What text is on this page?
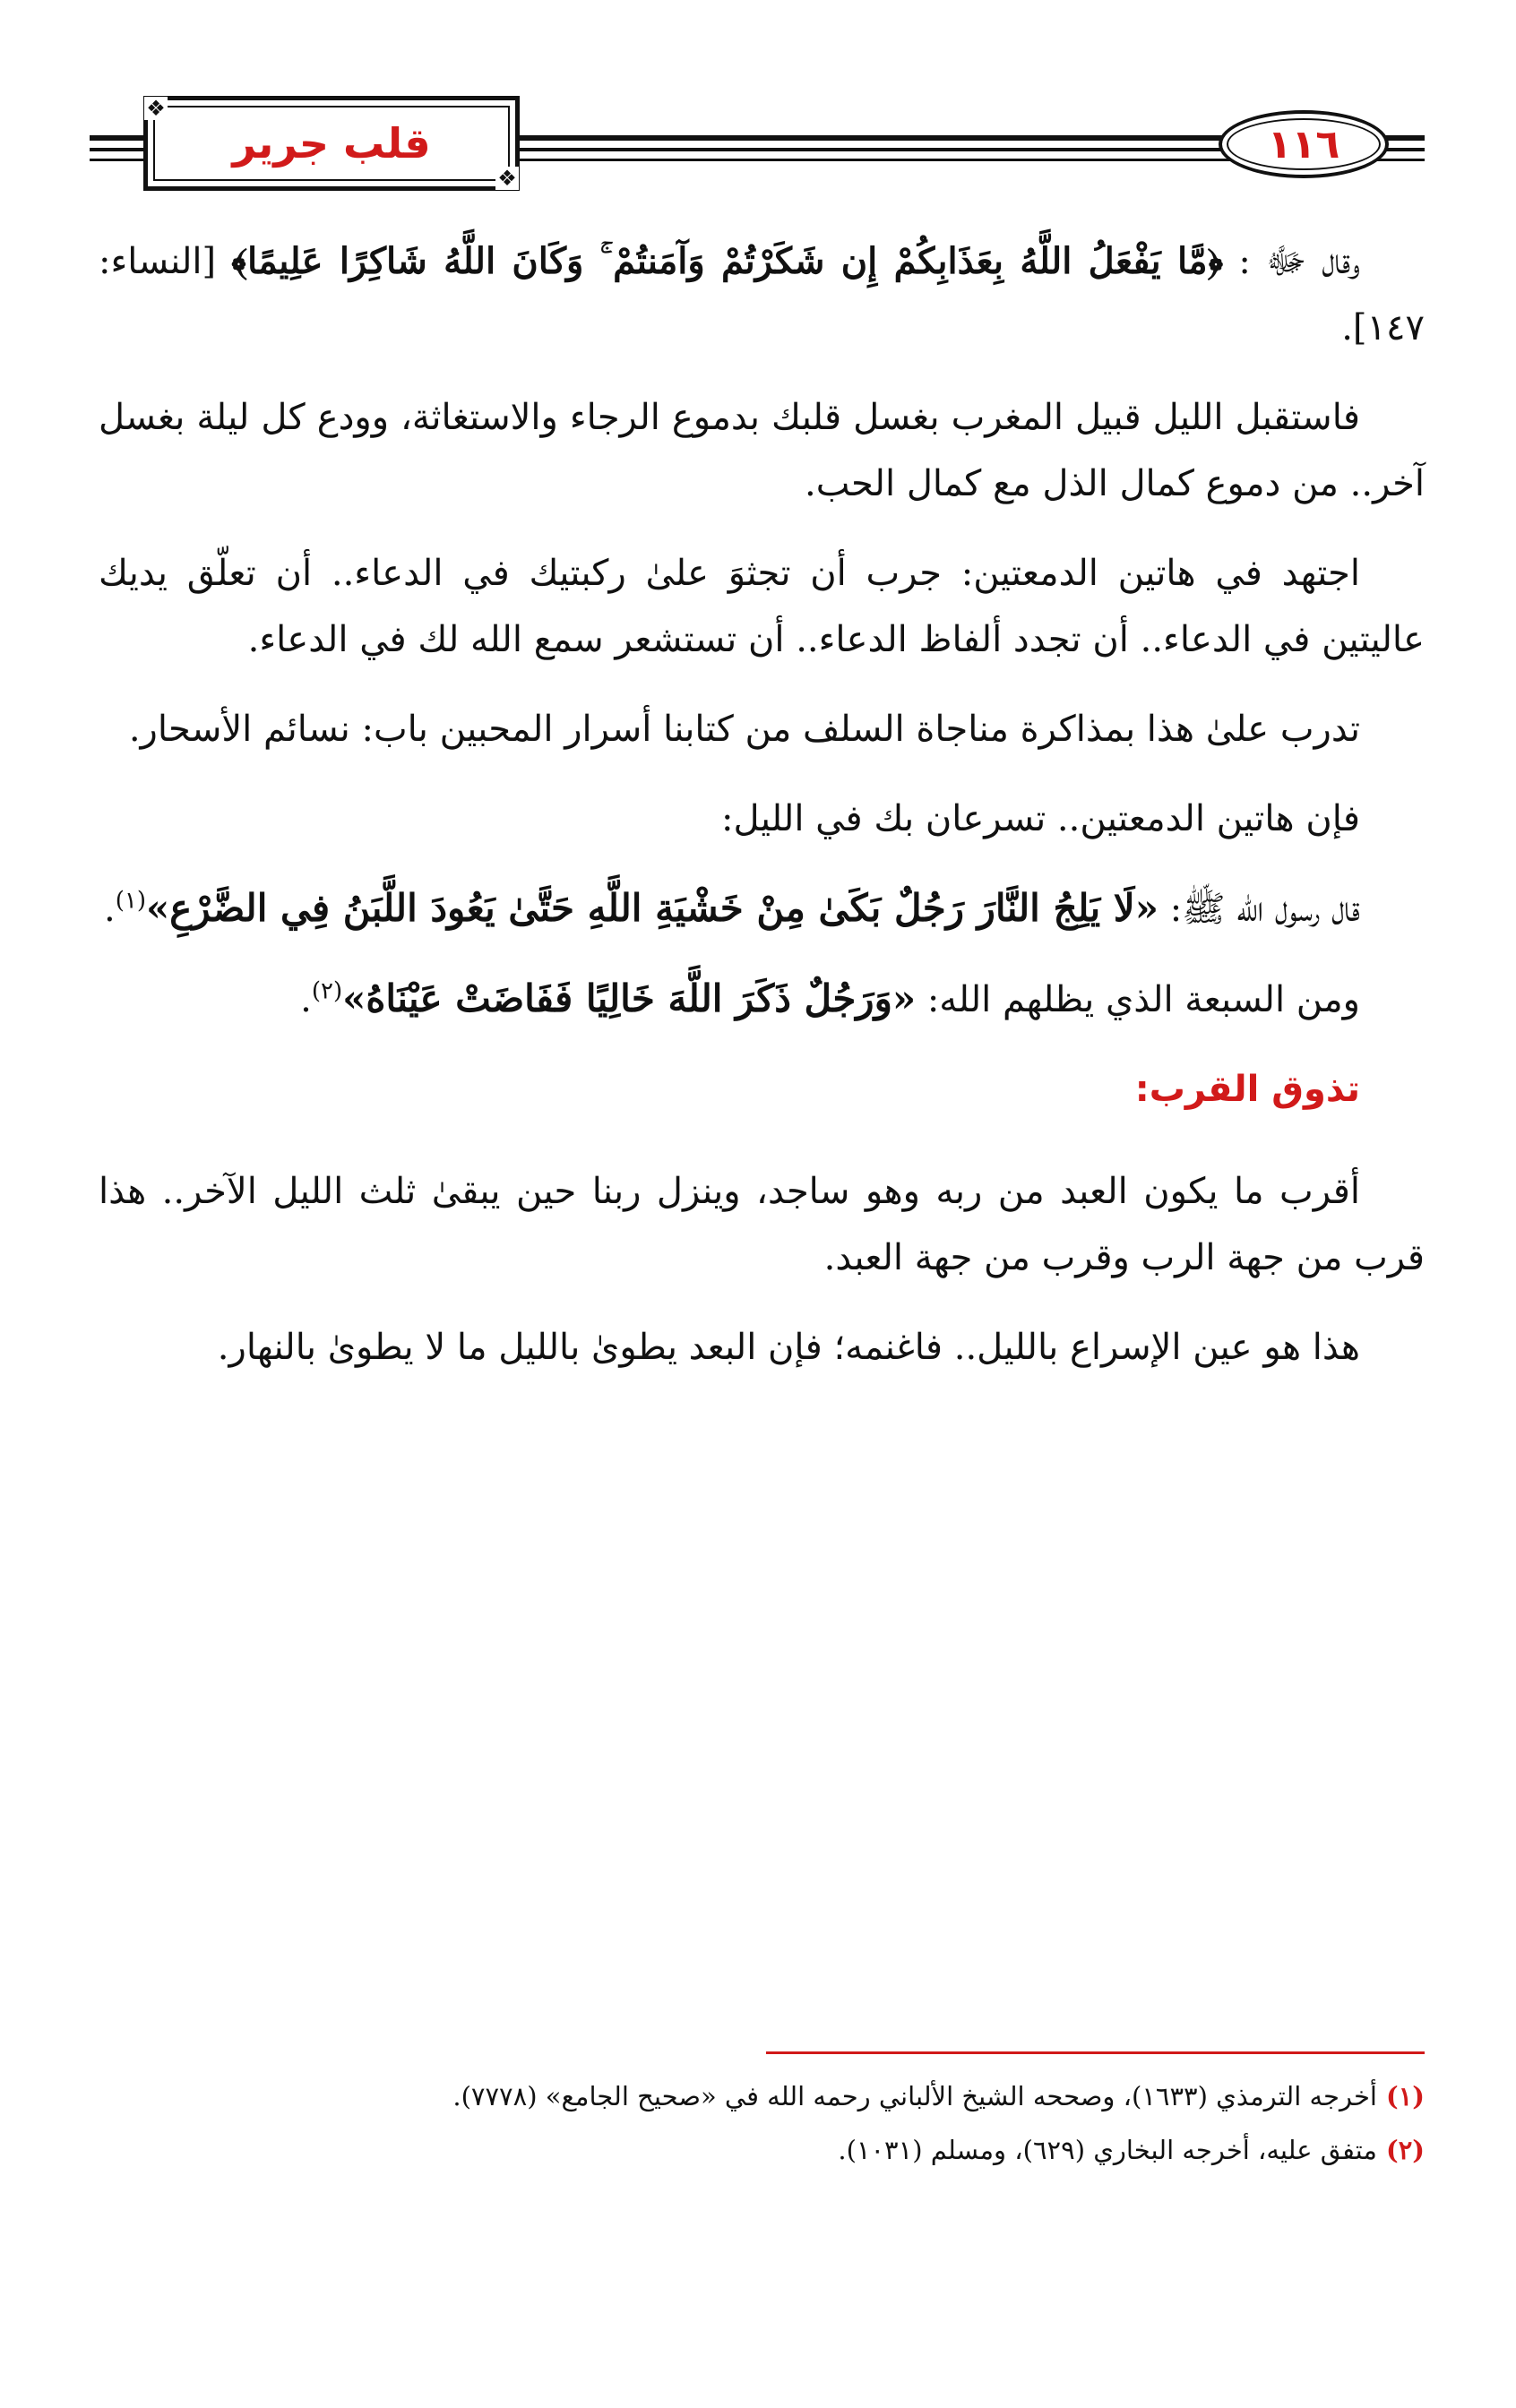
❖
❖
قلب جرير	١١٦

وقال ﷻ : ﴿مَّا يَفْعَلُ اللَّهُ بِعَذَابِكُمْ إِن شَكَرْتُمْ وَآمَنتُمْ ۚ وَكَانَ اللَّهُ شَاكِرًا عَلِيمًا﴾ [النساء: ١٤٧].

فاستقبل الليل قبيل المغرب بغسل قلبك بدموع الرجاء والاستغاثة، وودع كل ليلة بغسل آخر.. من دموع كمال الذل مع كمال الحب.

اجتهد في هاتين الدمعتين: جرب أن تجثوَ علىٰ ركبتيك في الدعاء.. أن تعلّق يديك عاليتين في الدعاء.. أن تجدد ألفاظ الدعاء.. أن تستشعر سمع الله لك في الدعاء.

تدرب علىٰ هذا بمذاكرة مناجاة السلف من كتابنا أسرار المحبين باب: نسائم الأسحار.

فإن هاتين الدمعتين.. تسرعان بك في الليل:

قال رسول الله ﷺ: «لَا يَلِجُ النَّارَ رَجُلٌ بَكَىٰ مِنْ خَشْيَةِ اللَّهِ حَتَّىٰ يَعُودَ اللَّبَنُ فِي الضَّرْعِ»$^{(١)}$.

ومن السبعة الذي يظلهم الله: «وَرَجُلٌ ذَكَرَ اللَّهَ خَالِيًا فَفَاضَتْ عَيْنَاهُ»$^{(٢)}$.

تذوق القرب:

أقرب ما يكون العبد من ربه وهو ساجد، وينزل ربنا حين يبقىٰ ثلث الليل الآخر.. هذا قرب من جهة الرب وقرب من جهة العبد.

هذا هو عين الإسراع بالليل.. فاغنمه؛ فإن البعد يطوىٰ بالليل ما لا يطوىٰ بالنهار.

(١)أخرجه الترمذي (١٦٣٣)، وصححه الشيخ الألباني رحمه الله في «صحيح الجامع» (٧٧٧٨).

(٢)متفق عليه، أخرجه البخاري (٦٢٩)، ومسلم (١٠٣١).
